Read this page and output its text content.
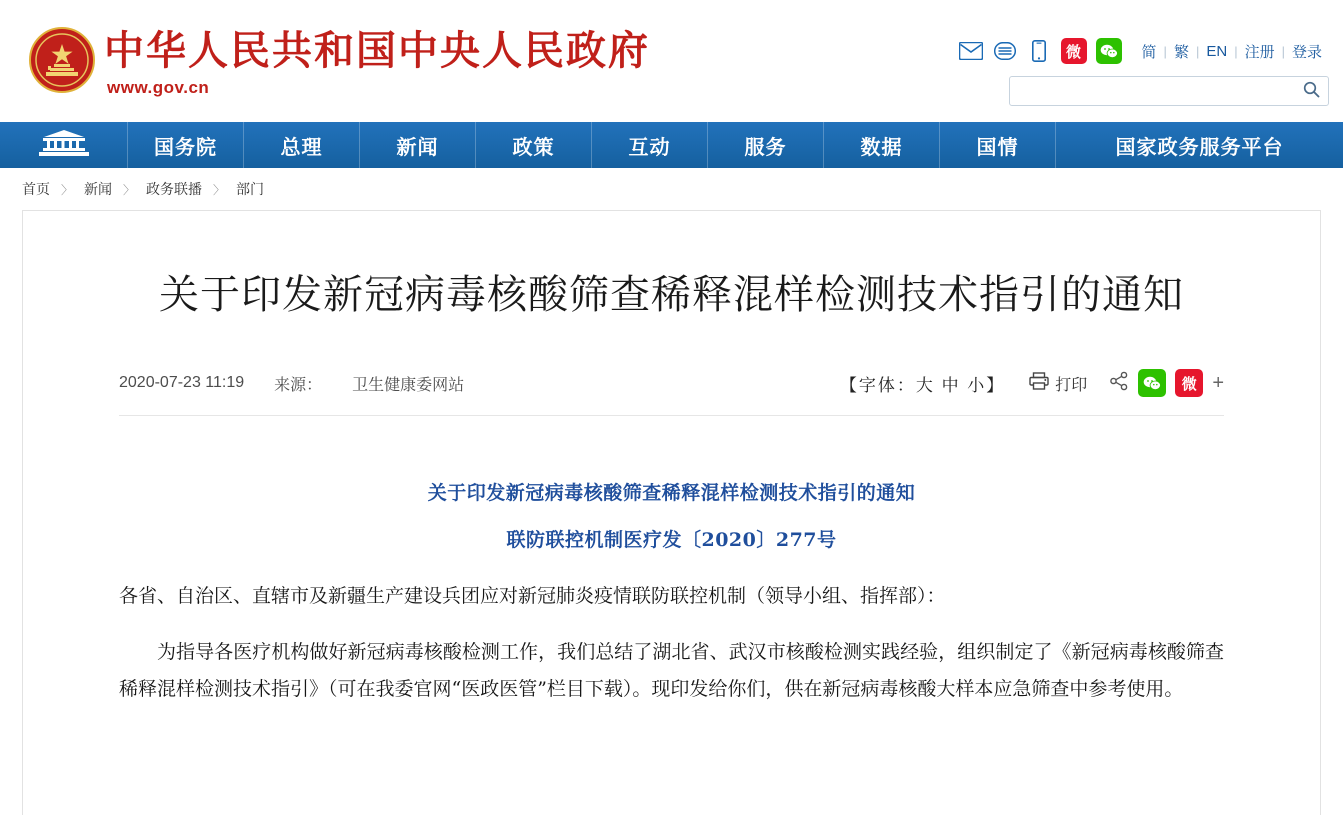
中华人民共和国中央人民政府
www.gov.cn
微	简 | 繁 | EN | 注册 | 登录
国务院	总理	新闻	政策	互动	服务	数据	国情	国家政务服务平台
首页 〉 新闻 〉 政务联播 〉 部门
关于印发新冠病毒核酸筛查稀释混样检测技术指引的通知
2020-07-23 11:19 来源： 卫生健康委网站	【字体：大 中 小】	打印	微 +
关于印发新冠病毒核酸筛查稀释混样检测技术指引的通知
联防联控机制医疗发〔2020〕277号

各省、自治区、直辖市及新疆生产建设兵团应对新冠肺炎疫情联防联控机制（领导小组、指挥部）：

为指导各医疗机构做好新冠病毒核酸检测工作，我们总结了湖北省、武汉市核酸检测实践经验，组织制定了《新冠病毒核酸筛查稀释混样检测技术指引》（可在我委官网“医政医管”栏目下载）。现印发给你们，供在新冠病毒核酸大样本应急筛查中参考使用。
